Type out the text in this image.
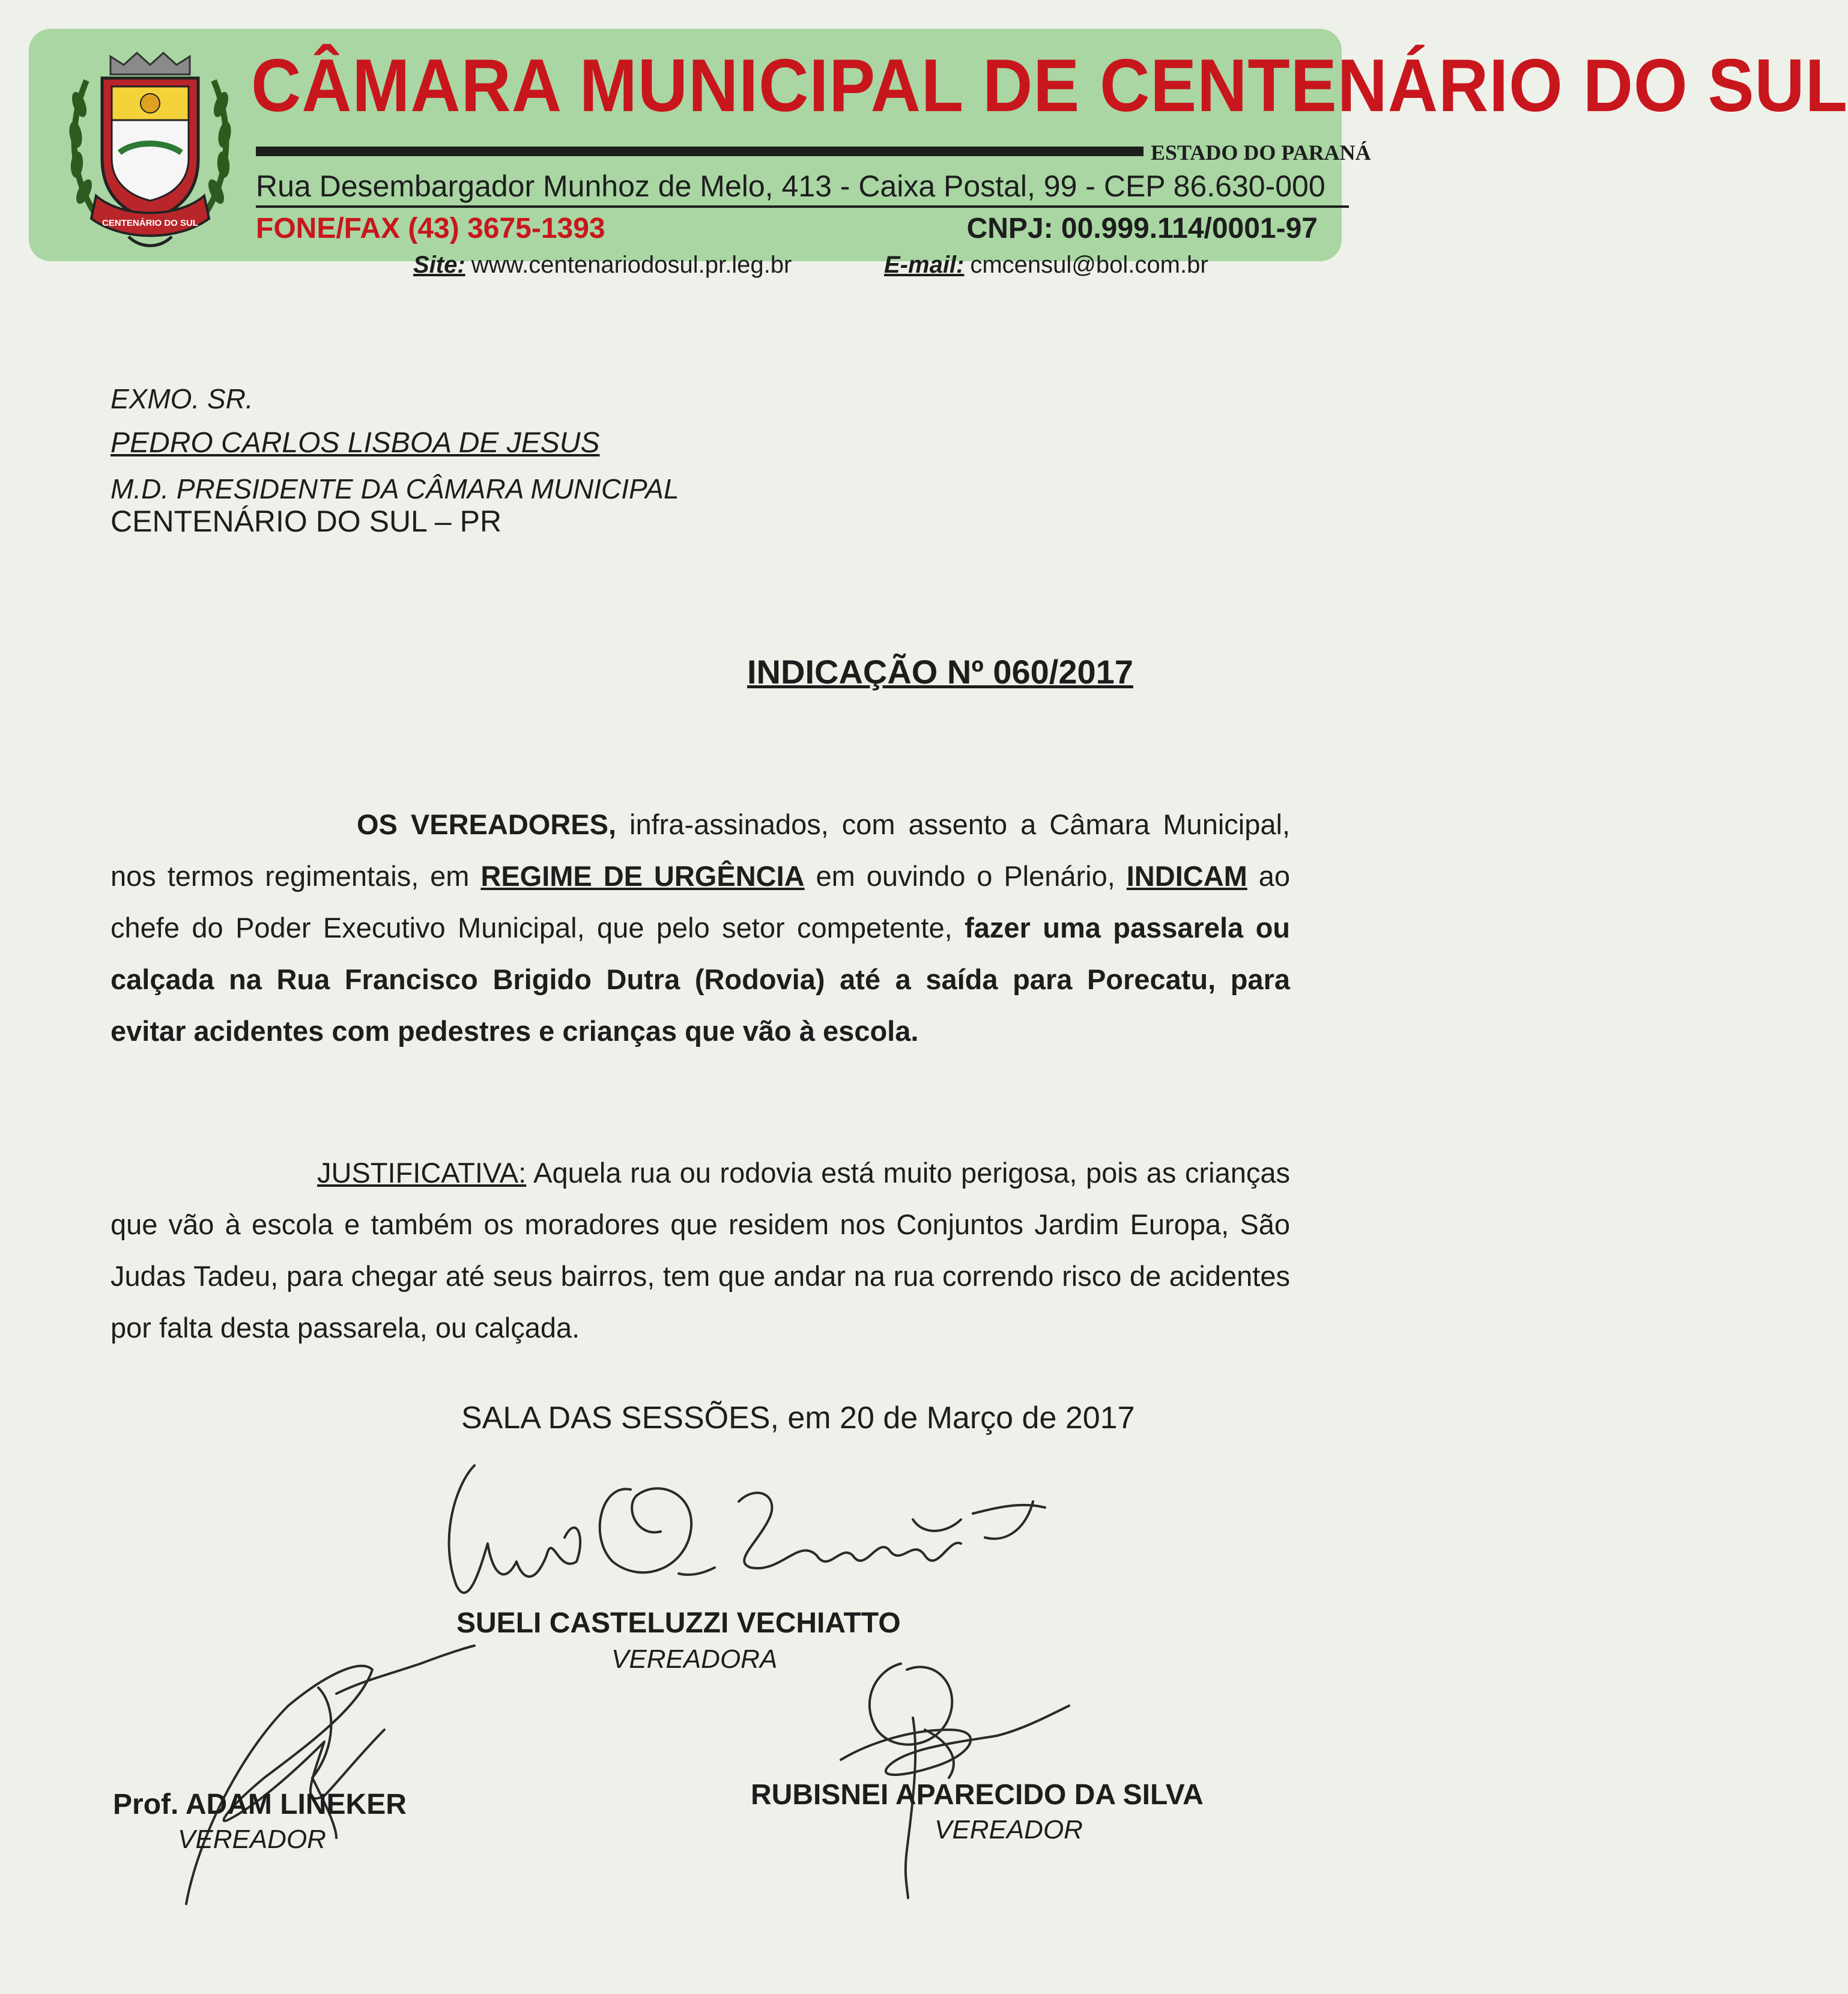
CENTENÁRIO DO SUL
CÂMARA MUNICIPAL DE CENTENÁRIO DO SUL
ESTADO DO PARANÁ
Rua Desembargador Munhoz de Melo, 413 - Caixa Postal, 99 - CEP 86.630-000
FONE/FAX (43) 3675-1393	CNPJ: 00.999.114/0001-97
Site: www.centenariodosul.pr.leg.br	E-mail: cmcensul@bol.com.br
EXMO. SR.
PEDRO CARLOS LISBOA DE JESUS
M.D. PRESIDENTE DA CÂMARA MUNICIPAL
CENTENÁRIO DO SUL – PR
INDICAÇÃO Nº 060/2017
OS VEREADORES, infra-assinados, com assento a Câmara Municipal, nos termos regimentais, em REGIME DE URGÊNCIA em ouvindo o Plenário, INDICAM ao chefe do Poder Executivo Municipal, que pelo setor competente, fazer uma passarela ou calçada na Rua Francisco Brigido Dutra (Rodovia) até a saída para Porecatu, para evitar acidentes com pedestres e crianças que vão à escola.
JUSTIFICATIVA: Aquela rua ou rodovia está muito perigosa, pois as crianças que vão à escola e também os moradores que residem nos Conjuntos Jardim Europa, São Judas Tadeu, para chegar até seus bairros, tem que andar na rua correndo risco de acidentes por falta desta passarela, ou calçada.
SALA DAS SESSÕES, em 20 de Março de 2017
SUELI CASTELUZZI VECHIATTO
VEREADORA
Prof. ADAM LINEKER
VEREADOR
RUBISNEI APARECIDO DA SILVA
VEREADOR
